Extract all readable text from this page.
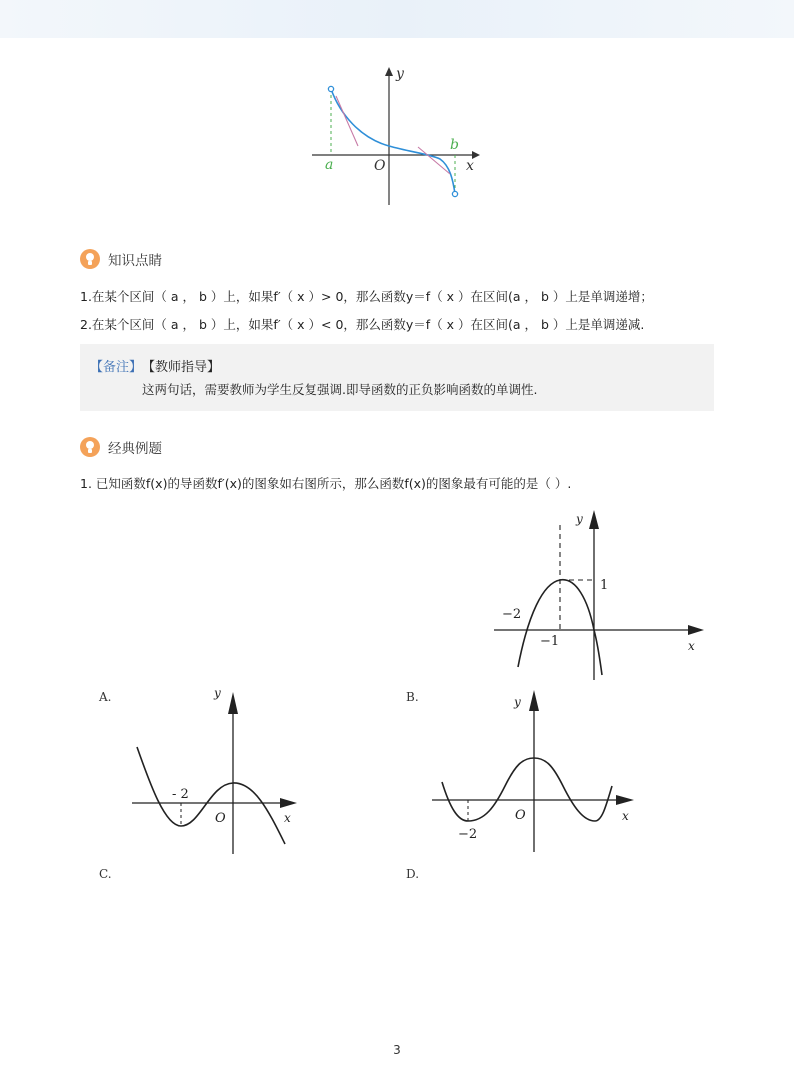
a
b
O	x
y
知识点睛
1.在某个区间（ a ， b ）上，如果f′（ x ）> 0，那么函数y＝f（ x ）在区间(a ， b ）上是单调递增；
2.在某个区间（ a ， b ）上，如果f′（ x ）< 0，那么函数y＝f（ x ）在区间(a ， b ）上是单调递减.
【备注】 【教师指导】
这两句话，需要教师为学生反复强调.即导函数的正负影响函数的单调性.
经典例题
1. 已知函数f(x)的导函数f′(x)的图象如右图所示，那么函数f(x)的图象最有可能的是（ ）.
1
−2
−1	x
y
A.	B.
- 2
O	x
y
−2
O	x
y
C.	D.
3
